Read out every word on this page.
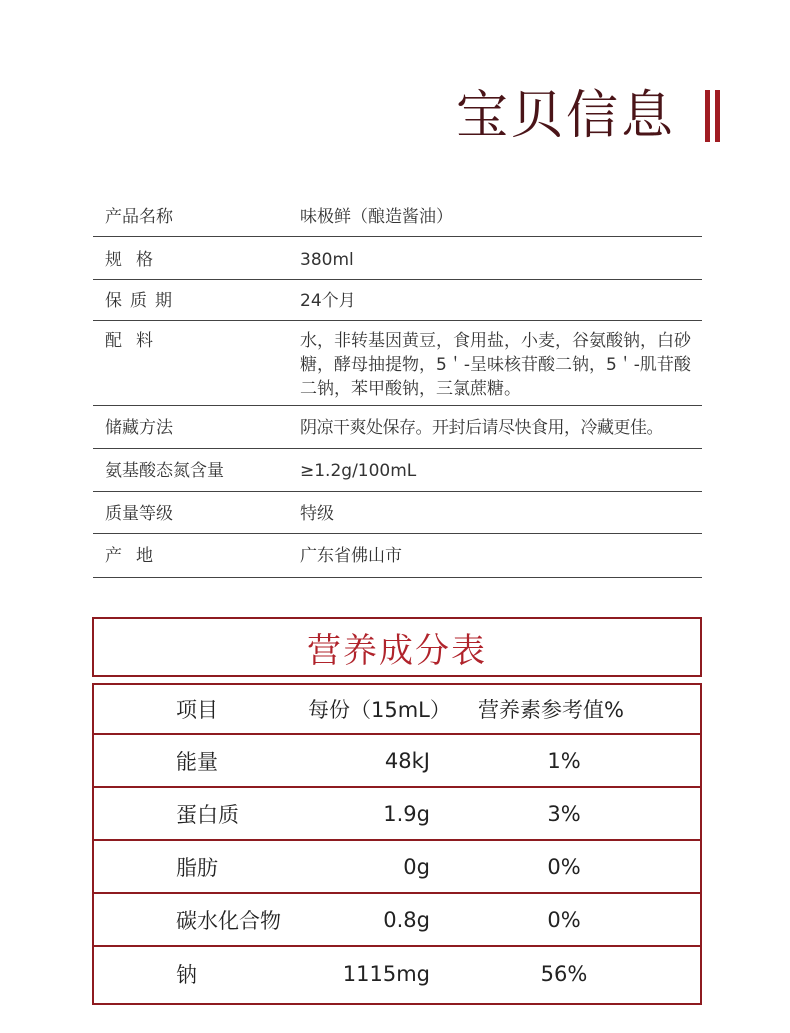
宝贝信息
产品名称	味极鲜（酿造酱油）
规格	380ml
保质期	24个月
配料	水，非转基因黄豆，食用盐，小麦，谷氨酸钠，白砂糖，酵母抽提物，5＇-呈味核苷酸二钠，5＇-肌苷酸二钠，苯甲酸钠，三氯蔗糖。
储藏方法	阴凉干爽处保存。开封后请尽快食用，冷藏更佳。
氨基酸态氮含量	≥1.2g/100mL
质量等级	特级
产地	广东省佛山市
营养成分表
项目	每份（15mL） 营养素参考值%
能量	48kJ	1%
蛋白质	1.9g	3%
脂肪	0g	0%
碳水化合物	0.8g	0%
钠	1115mg	56%
